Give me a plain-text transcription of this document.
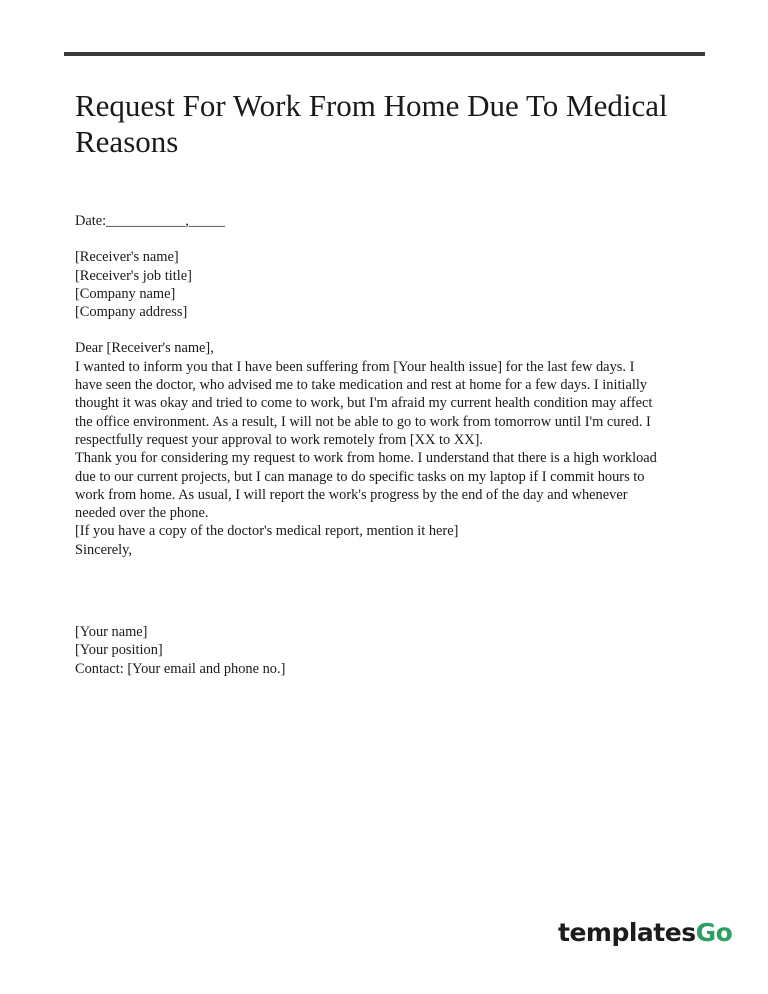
Request For Work From Home Due To Medical Reasons
Date:___________,_____
[Receiver's name]
[Receiver's job title]
[Company name]
[Company address]
Dear [Receiver's name],
I wanted to inform you that I have been suffering from [Your health issue] for the last few days. I
have seen the doctor, who advised me to take medication and rest at home for a few days. I initially
thought it was okay and tried to come to work, but I'm afraid my current health condition may affect
the office environment. As a result, I will not be able to go to work from tomorrow until I'm cured. I
respectfully request your approval to work remotely from [XX to XX].
Thank you for considering my request to work from home. I understand that there is a high workload
due to our current projects, but I can manage to do specific tasks on my laptop if I commit hours to
work from home. As usual, I will report the work's progress by the end of the day and whenever
needed over the phone.
[If you have a copy of the doctor's medical report, mention it here]
Sincerely,
[Your name]
[Your position]
Contact: [Your email and phone no.]
templatesGo
